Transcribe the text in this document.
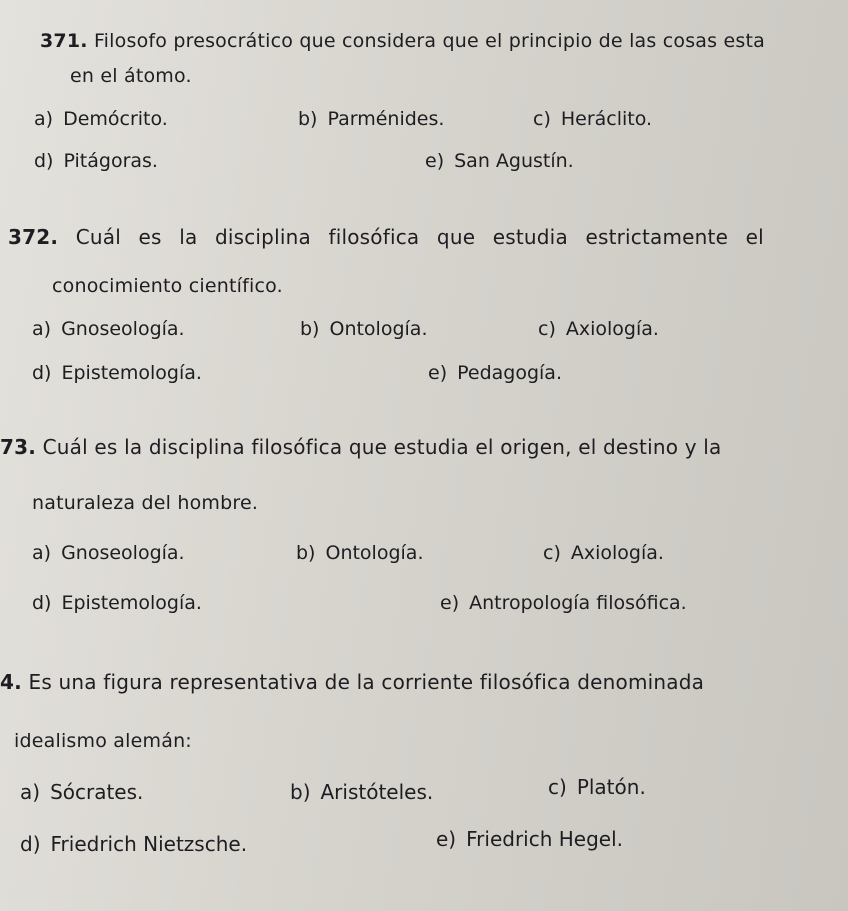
371. Filosofo presocrático que considera que el principio de las cosas esta
en el átomo.
a) Demócrito.	b) Parménides.	c) Heráclito.
d) Pitágoras.	e) San Agustín.
372. Cuál es la disciplina filosófica que estudia estrictamente el
conocimiento científico.
a) Gnoseología.	b) Ontología.	c) Axiología.
d) Epistemología.	e) Pedagogía.
73. Cuál es la disciplina filosófica que estudia el origen, el destino y la
naturaleza del hombre.
a) Gnoseología.	b) Ontología.	c) Axiología.
d) Epistemología.	e) Antropología filosófica.
4. Es una figura representativa de la corriente filosófica denominada
idealismo alemán:
a) Sócrates.	b) Aristóteles.	c) Platón.
d) Friedrich Nietzsche.	e) Friedrich Hegel.
